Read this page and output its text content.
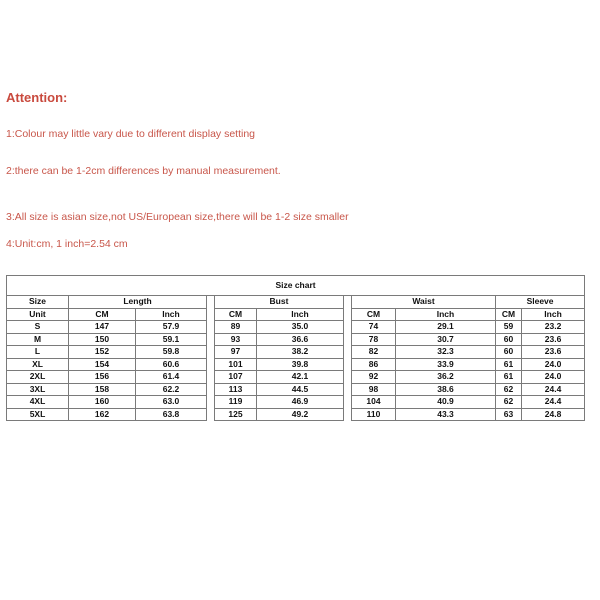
Attention:
1:Colour may little vary due to different display setting
2:there can be 1-2cm differences by manual measurement.
3:All size is asian size,not US/European size,there will be 1-2 size smaller
4:Unit:cm, 1 inch=2.54 cm
Size chart										
Size	Length			Bust			Waist		Sleeve	
Unit	CM	Inch		CM	Inch		CM	Inch	CM	Inch
S	147	57.9		89	35.0		74	29.1	59	23.2
M	150	59.1		93	36.6		78	30.7	60	23.6
L	152	59.8		97	38.2		82	32.3	60	23.6
XL	154	60.6		101	39.8		86	33.9	61	24.0
2XL	156	61.4		107	42.1		92	36.2	61	24.0
3XL	158	62.2		113	44.5		98	38.6	62	24.4
4XL	160	63.0		119	46.9		104	40.9	62	24.4
5XL	162	63.8		125	49.2		110	43.3	63	24.8
